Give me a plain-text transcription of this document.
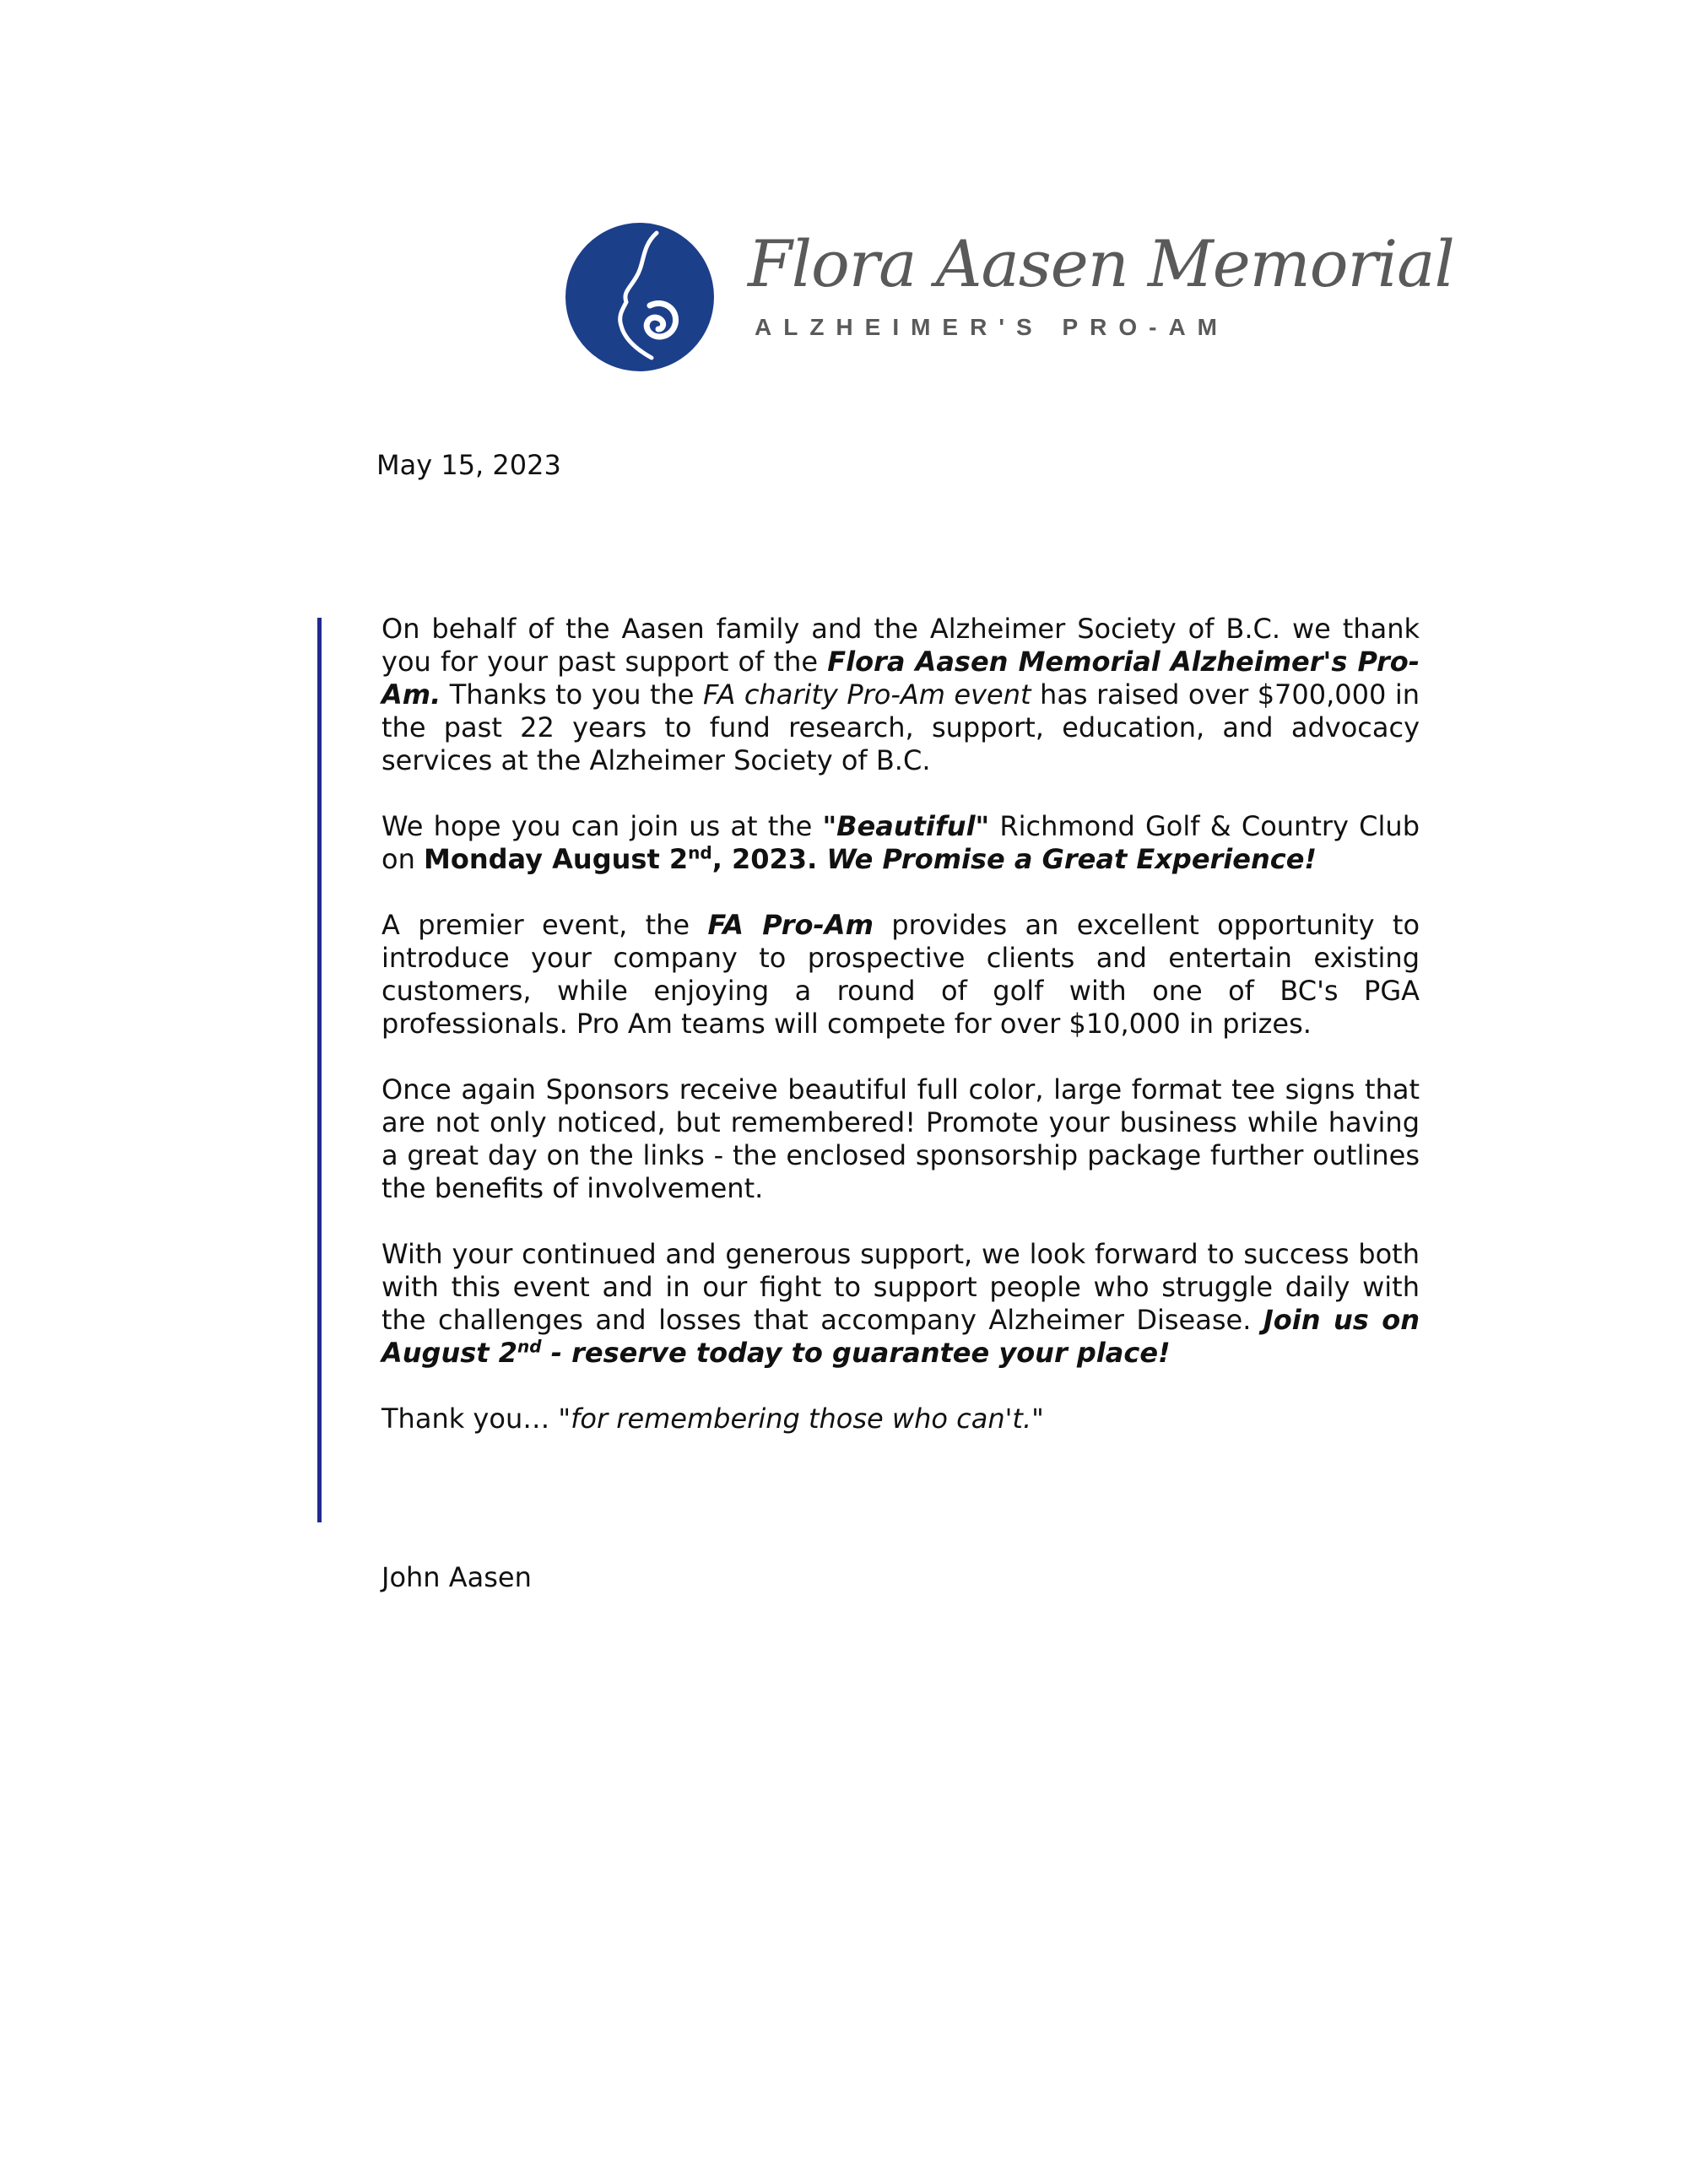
Flora Aasen Memorial
ALZHEIMER'S PRO-AM
May 15, 2023

On behalf of the Aasen family and the Alzheimer Society of B.C. we thank you for your past support of the Flora Aasen Memorial Alzheimer's Pro-Am. Thanks to you the FA charity Pro-Am event has raised over $700,000 in the past 22 years to fund research, support, education, and advocacy services at the Alzheimer Society of B.C.

We hope you can join us at the "Beautiful" Richmond Golf & Country Club on Monday August 2nd, 2023. We Promise a Great Experience!

A premier event, the FA Pro-Am provides an excellent opportunity to introduce your company to prospective clients and entertain existing customers, while enjoying a round of golf with one of BC's PGA professionals. Pro Am teams will compete for over $10,000 in prizes.

Once again Sponsors receive beautiful full color, large format tee signs that are not only noticed, but remembered! Promote your business while having a great day on the links - the enclosed sponsorship package further outlines the benefits of involvement.

With your continued and generous support, we look forward to success both with this event and in our fight to support people who struggle daily with the challenges and losses that accompany Alzheimer Disease. Join us on August 2nd - reserve today to guarantee your place!

Thank you… "for remembering those who can't."

John Aasen
